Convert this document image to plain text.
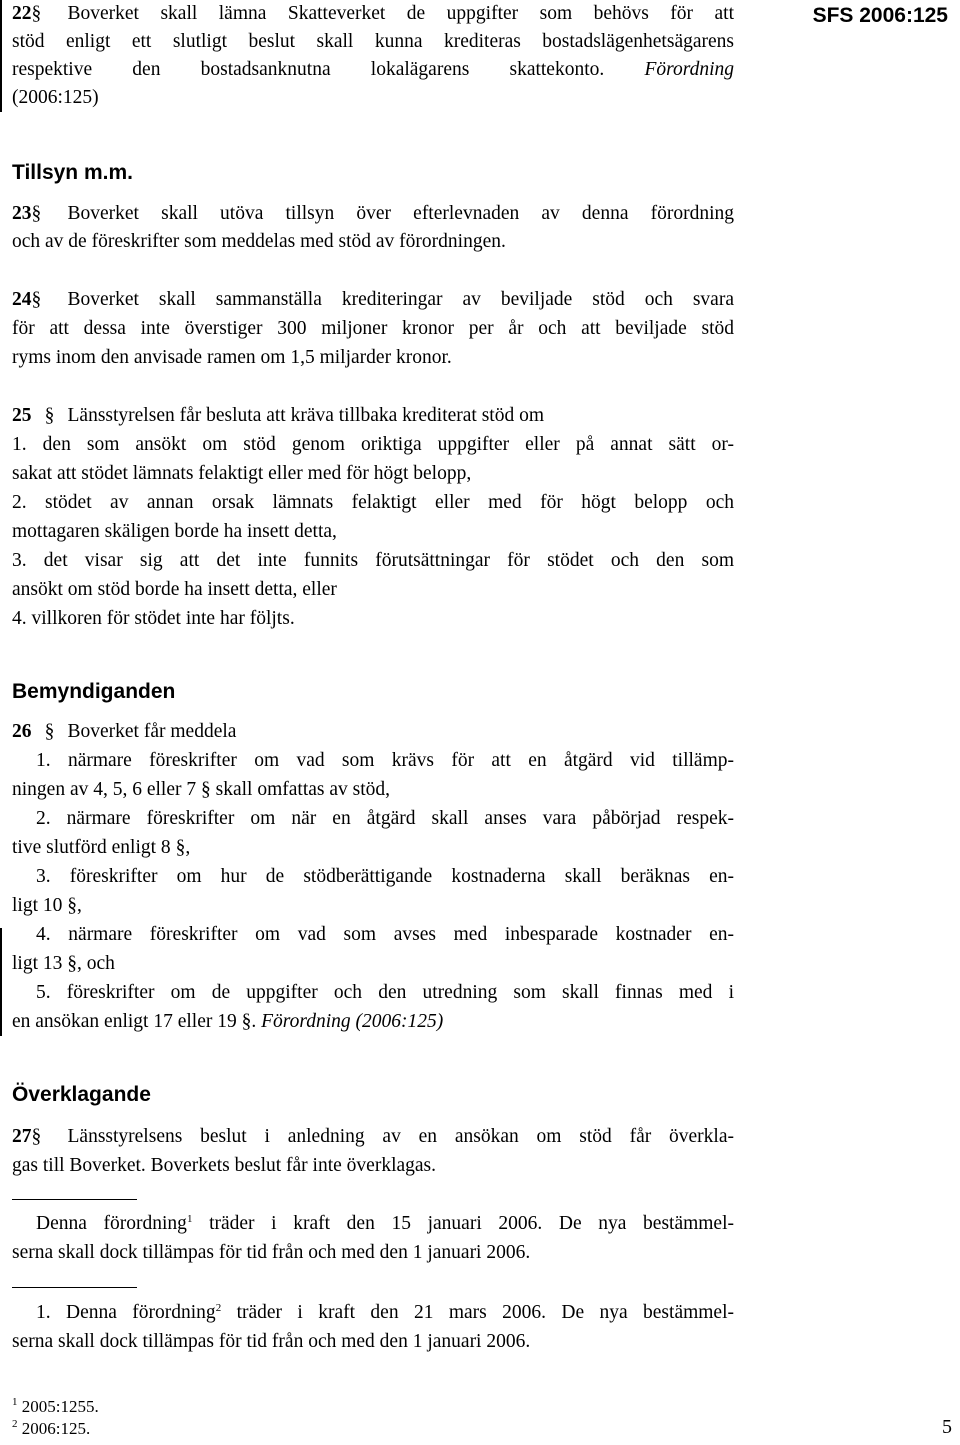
SFS 2006:125
22§ Boverket skall lämna Skatteverket de uppgifter som behövs för att
stöd enligt ett slutligt beslut skall kunna krediteras bostadslägenhetsägarens
respektive den bostadsanknutna lokalägarens skattekonto. Förordning
(2006:125)
Tillsyn m.m.
23§ Boverket skall utöva tillsyn över efterlevnaden av denna förordning
och av de föreskrifter som meddelas med stöd av förordningen.
24§ Boverket skall sammanställa krediteringar av beviljade stöd och svara
för att dessa inte överstiger 300 miljoner kronor per år och att beviljade stöd
ryms inom den anvisade ramen om 1,5 miljarder kronor.
25 § Länsstyrelsen får besluta att kräva tillbaka krediterat stöd om
1. den som ansökt om stöd genom oriktiga uppgifter eller på annat sätt or-
sakat att stödet lämnats felaktigt eller med för högt belopp,
2. stödet av annan orsak lämnats felaktigt eller med för högt belopp och
mottagaren skäligen borde ha insett detta,
3. det visar sig att det inte funnits förutsättningar för stödet och den som
ansökt om stöd borde ha insett detta, eller
4. villkoren för stödet inte har följts.
Bemyndiganden
26 § Boverket får meddela
1. närmare föreskrifter om vad som krävs för att en åtgärd vid tillämp-
ningen av 4, 5, 6 eller 7 § skall omfattas av stöd,
2. närmare föreskrifter om när en åtgärd skall anses vara påbörjad respek-
tive slutförd enligt 8 §,
3. föreskrifter om hur de stödberättigande kostnaderna skall beräknas en-
ligt 10 §,
4. närmare föreskrifter om vad som avses med inbesparade kostnader en-
ligt 13 §, och
5. föreskrifter om de uppgifter och den utredning som skall finnas med i
en ansökan enligt 17 eller 19 §. Förordning (2006:125)
Överklagande
27§ Länsstyrelsens beslut i anledning av en ansökan om stöd får överkla-
gas till Boverket. Boverkets beslut får inte överklagas.
Denna förordning$^1$ träder i kraft den 15 januari 2006. De nya bestämmel-
serna skall dock tillämpas för tid från och med den 1 januari 2006.
1. Denna förordning$^2$ träder i kraft den 21 mars 2006. De nya bestämmel-
serna skall dock tillämpas för tid från och med den 1 januari 2006.
$^1$ 2005:1255.
$^2$ 2006:125.	5
